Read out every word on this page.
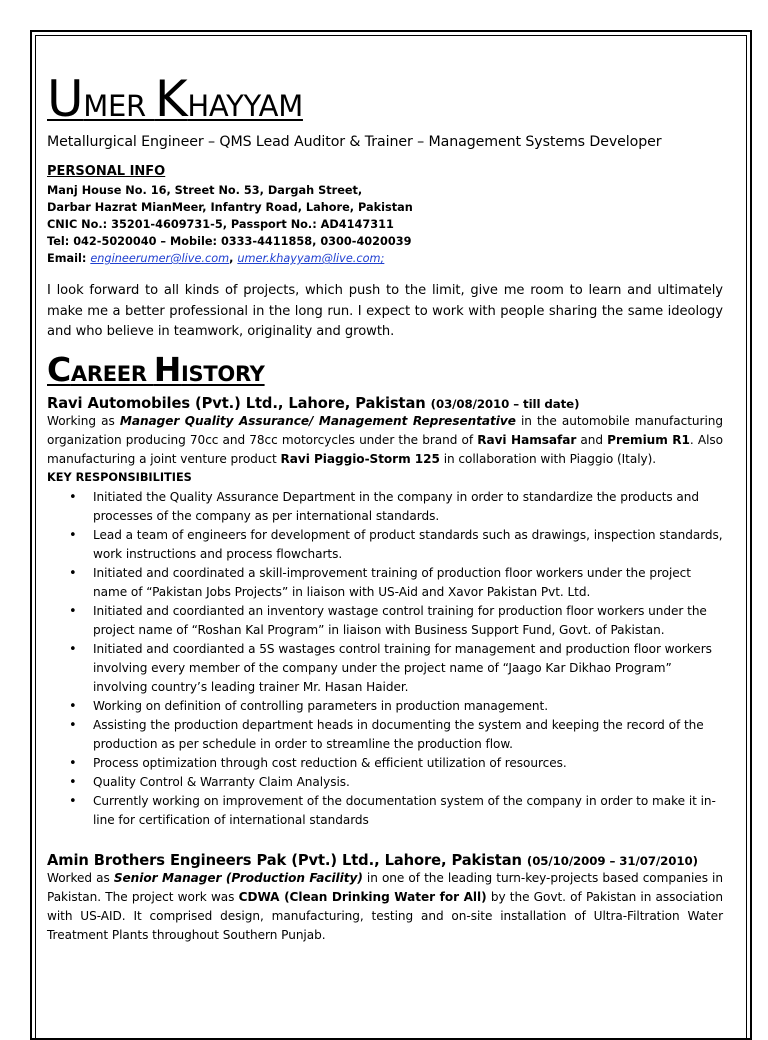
UMER KHAYYAM
Metallurgical Engineer – QMS Lead Auditor & Trainer – Management Systems Developer
PERSONAL INFO
Manj House No. 16, Street No. 53, Dargah Street,
Darbar Hazrat MianMeer, Infantry Road, Lahore, Pakistan
CNIC No.: 35201-4609731-5, Passport No.: AD4147311
Tel: 042-5020040 – Mobile: 0333-4411858, 0300-4020039
Email: engineerumer@live.com, umer.khayyam@live.com;

I look forward to all kinds of projects, which push to the limit, give me room to learn and ultimately make me a better professional in the long run. I expect to work with people sharing the same ideology and who believe in teamwork, originality and growth.

CAREER HISTORY
Ravi Automobiles (Pvt.) Ltd., Lahore, Pakistan (03/08/2010 – till date)

Working as Manager Quality Assurance/ Management Representative in the automobile manufacturing organization producing 70cc and 78cc motorcycles under the brand of Ravi Hamsafar and Premium R1. Also manufacturing a joint venture product Ravi Piaggio-Storm 125 in collaboration with Piaggio (Italy).

KEY RESPONSIBILITIES
• Initiated the Quality Assurance Department in the company in order to standardize the products and processes of the company as per international standards.
• Lead a team of engineers for development of product standards such as drawings, inspection standards, work instructions and process flowcharts.
• Initiated and coordinated a skill-improvement training of production floor workers under the project name of “Pakistan Jobs Projects” in liaison with US-Aid and Xavor Pakistan Pvt. Ltd.
• Initiated and coordianted an inventory wastage control training for production floor workers under the project name of “Roshan Kal Program” in liaison with Business Support Fund, Govt. of Pakistan.
• Initiated and coordianted a 5S wastages control training for management and production floor workers involving every member of the company under the project name of “Jaago Kar Dikhao Program” involving country’s leading trainer Mr. Hasan Haider.
• Working on definition of controlling parameters in production management.
• Assisting the production department heads in documenting the system and keeping the record of the production as per schedule in order to streamline the production flow.
• Process optimization through cost reduction & efficient utilization of resources.
• Quality Control & Warranty Claim Analysis.
• Currently working on improvement of the documentation system of the company in order to make it in-line for certification of international standards
Amin Brothers Engineers Pak (Pvt.) Ltd., Lahore, Pakistan (05/10/2009 – 31/07/2010)

Worked as Senior Manager (Production Facility) in one of the leading turn-key-projects based companies in Pakistan. The project work was CDWA (Clean Drinking Water for All) by the Govt. of Pakistan in association with US-AID. It comprised design, manufacturing, testing and on-site installation of Ultra-Filtration Water Treatment Plants throughout Southern Punjab.
